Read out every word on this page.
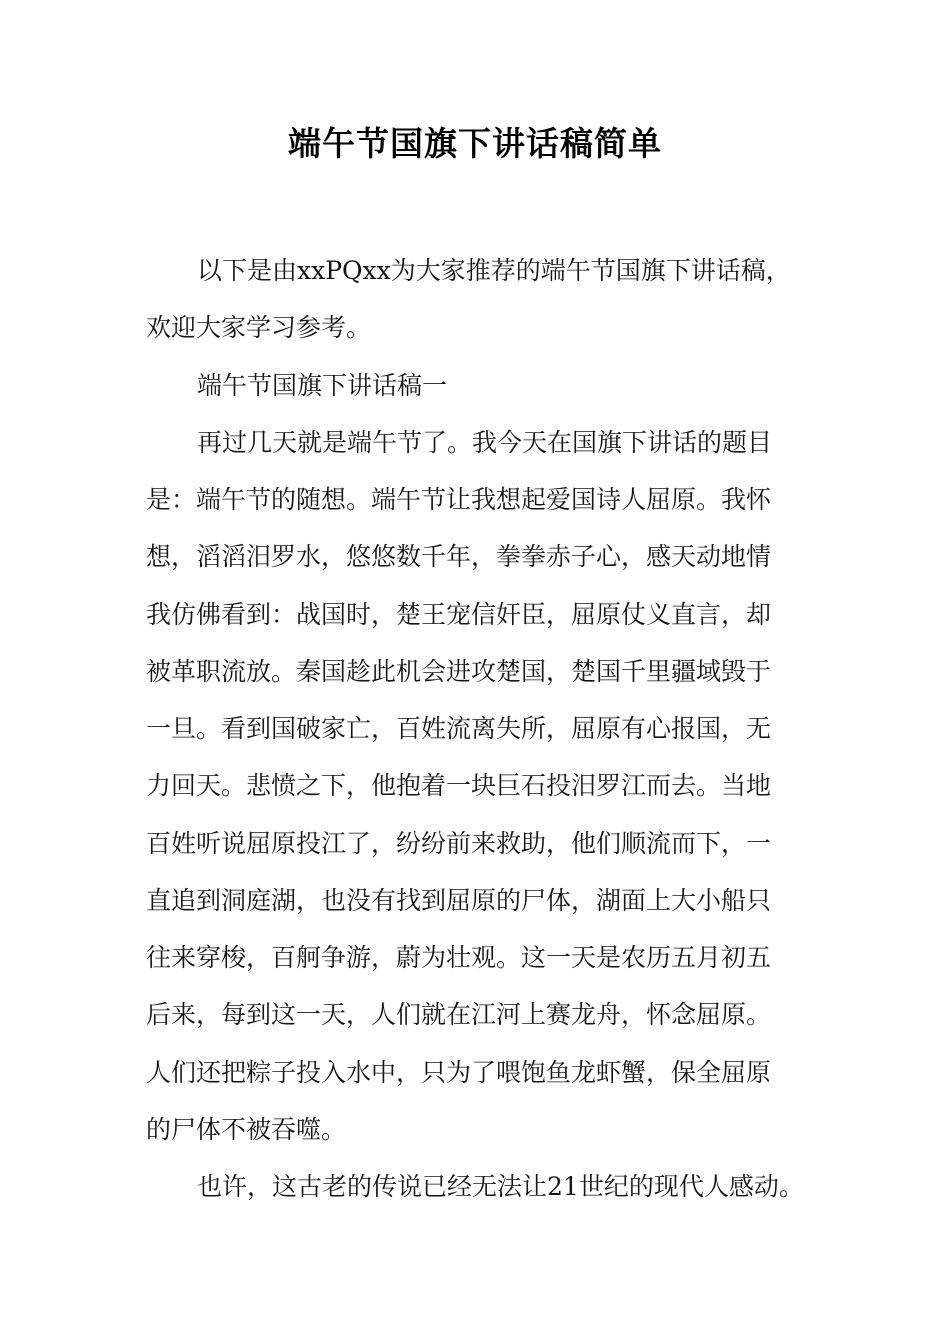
端午节国旗下讲话稿简单
以下是由xxPQxx为大家推荐的端午节国旗下讲话稿，
欢迎大家学习参考。
端午节国旗下讲话稿一
再过几天就是端午节了。我今天在国旗下讲话的题目
是：端午节的随想。端午节让我想起爱国诗人屈原。我怀
想，滔滔汨罗水，悠悠数千年，拳拳赤子心，感天动地情
我仿佛看到：战国时，楚王宠信奸臣，屈原仗义直言，却
被革职流放。秦国趁此机会进攻楚国，楚国千里疆域毁于
一旦。看到国破家亡，百姓流离失所，屈原有心报国，无
力回天。悲愤之下，他抱着一块巨石投汨罗江而去。当地
百姓听说屈原投江了，纷纷前来救助，他们顺流而下，一
直追到洞庭湖，也没有找到屈原的尸体，湖面上大小船只
往来穿梭，百舸争游，蔚为壮观。这一天是农历五月初五
后来，每到这一天，人们就在江河上赛龙舟，怀念屈原。
人们还把粽子投入水中，只为了喂饱鱼龙虾蟹，保全屈原
的尸体不被吞噬。
也许，这古老的传说已经无法让21世纪的现代人感动。
